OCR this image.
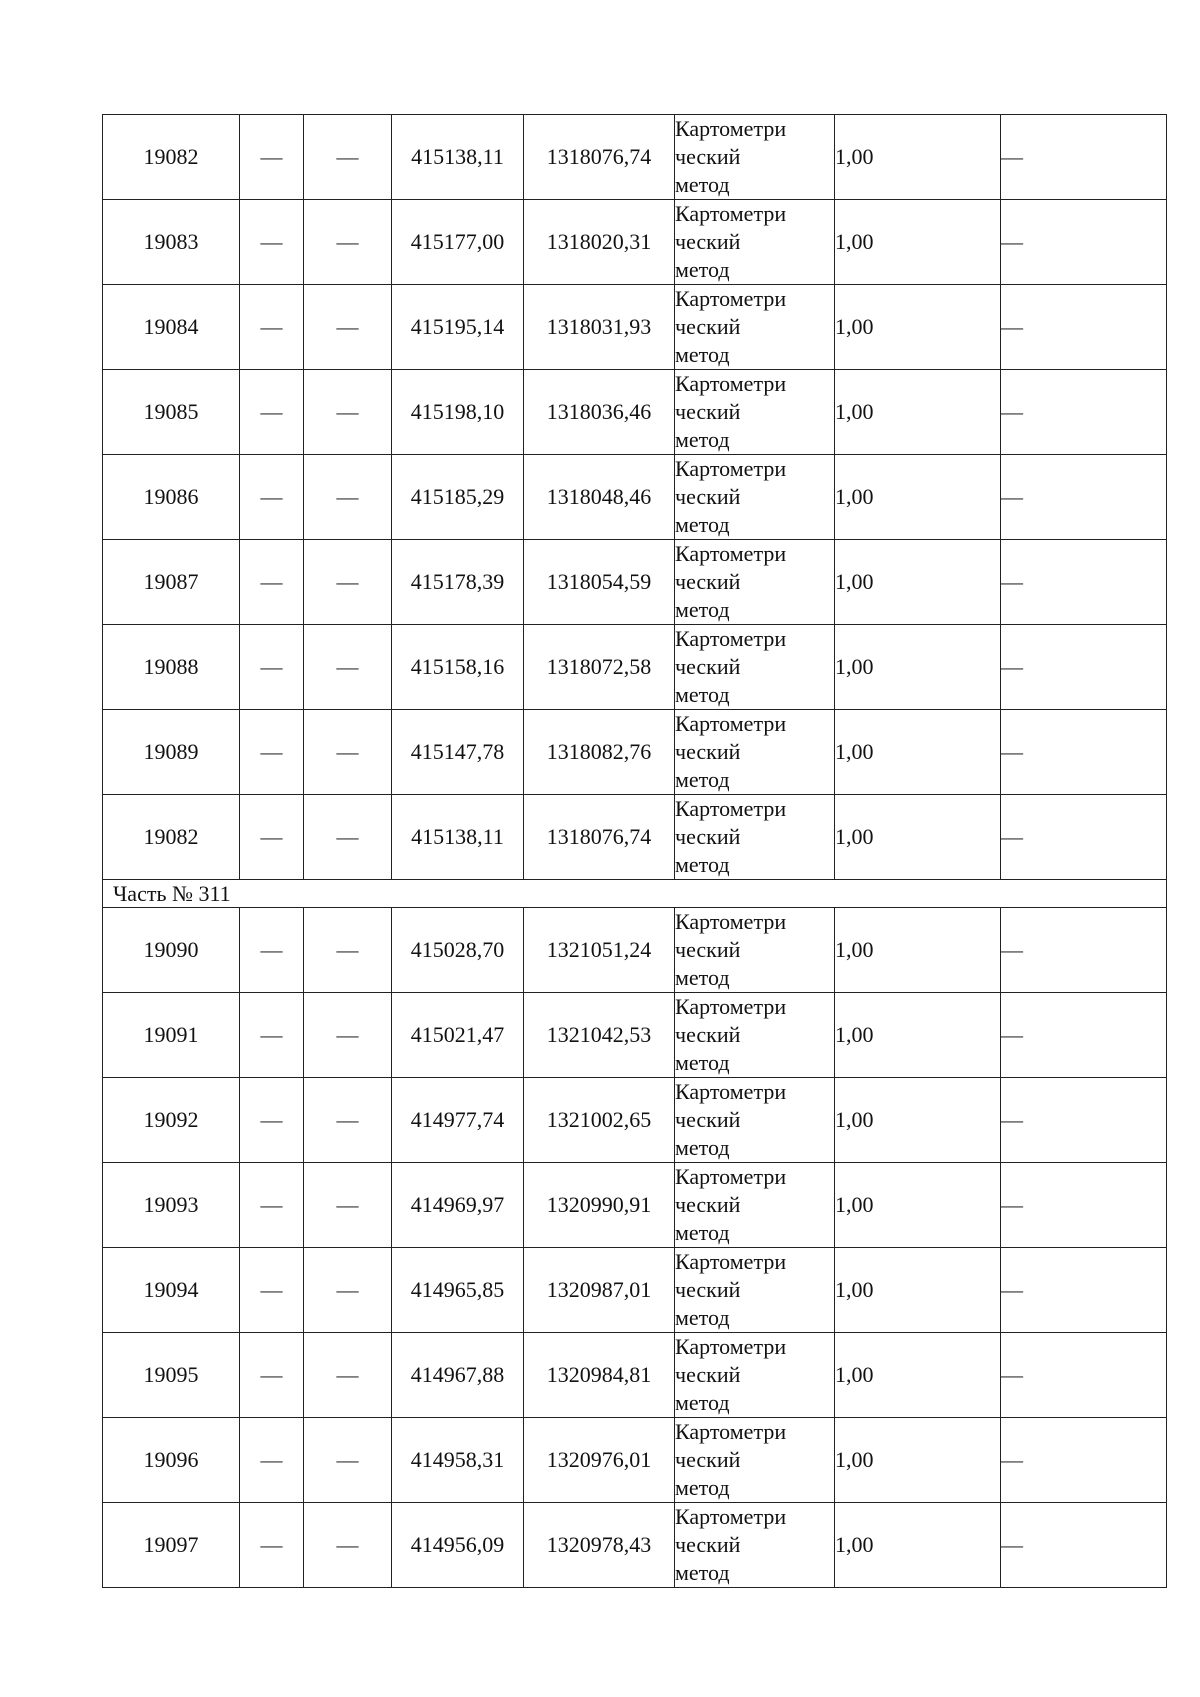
19082	—	—	415138,11	1318076,74	Картометри
ческий
метод	1,00	—
19083	—	—	415177,00	1318020,31	Картометри
ческий
метод	1,00	—
19084	—	—	415195,14	1318031,93	Картометри
ческий
метод	1,00	—
19085	—	—	415198,10	1318036,46	Картометри
ческий
метод	1,00	—
19086	—	—	415185,29	1318048,46	Картометри
ческий
метод	1,00	—
19087	—	—	415178,39	1318054,59	Картометри
ческий
метод	1,00	—
19088	—	—	415158,16	1318072,58	Картометри
ческий
метод	1,00	—
19089	—	—	415147,78	1318082,76	Картометри
ческий
метод	1,00	—
19082	—	—	415138,11	1318076,74	Картометри
ческий
метод	1,00	—
Часть № 311							
19090	—	—	415028,70	1321051,24	Картометри
ческий
метод	1,00	—
19091	—	—	415021,47	1321042,53	Картометри
ческий
метод	1,00	—
19092	—	—	414977,74	1321002,65	Картометри
ческий
метод	1,00	—
19093	—	—	414969,97	1320990,91	Картометри
ческий
метод	1,00	—
19094	—	—	414965,85	1320987,01	Картометри
ческий
метод	1,00	—
19095	—	—	414967,88	1320984,81	Картометри
ческий
метод	1,00	—
19096	—	—	414958,31	1320976,01	Картометри
ческий
метод	1,00	—
19097	—	—	414956,09	1320978,43	Картометри
ческий
метод	1,00	—
